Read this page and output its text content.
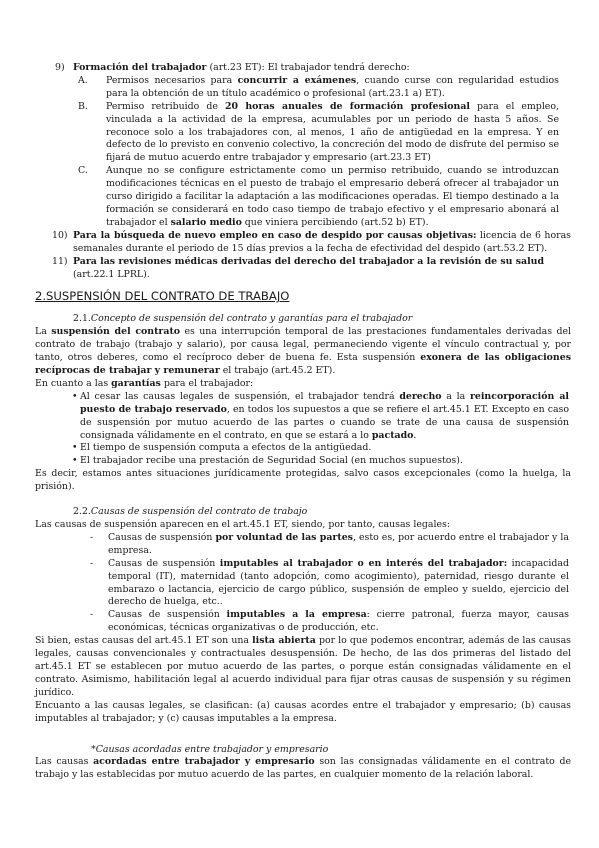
9) Formación del trabajador (art.23 ET): El trabajador tendrá derecho:
A. Permisos necesarios para concurrir a exámenes, cuando curse con regularidad estudios para la obtención de un título académico o profesional (art.23.1 a) ET).
B. Permiso retribuido de 20 horas anuales de formación profesional para el empleo, vinculada a la actividad de la empresa, acumulables por un periodo de hasta 5 años. Se reconoce solo a los trabajadores con, al menos, 1 año de antigüedad en la empresa. Y en defecto de lo previsto en convenio colectivo, la concreción del modo de disfrute del permiso se fijará de mutuo acuerdo entre trabajador y empresario (art.23.3 ET)
C. Aunque no se configure estrictamente como un permiso retribuido, cuando se introduzcan modificaciones técnicas en el puesto de trabajo el empresario deberá ofrecer al trabajador un curso dirigido a facilitar la adaptación a las modificaciones operadas. El tiempo destinado a la formación se considerará en todo caso tiempo de trabajo efectivo y el empresario abonará al trabajador el salario medio que viniera percibiendo (art.52 b) ET).
10) Para la búsqueda de nuevo empleo en caso de despido por causas objetivas: licencia de 6 horas semanales durante el periodo de 15 días previos a la fecha de efectividad del despido (art.53.2 ET).
11) Para las revisiones médicas derivadas del derecho del trabajador a la revisión de su salud (art.22.1 LPRL).
2.SUSPENSIÓN DEL CONTRATO DE TRABAJO
2.1.Concepto de suspensión del contrato y garantías para el trabajador

La suspensión del contrato es una interrupción temporal de las prestaciones fundamentales derivadas del contrato de trabajo (trabajo y salario), por causa legal, permaneciendo vigente el vínculo contractual y, por tanto, otros deberes, como el recíproco deber de buena fe. Esta suspensión exonera de las obligaciones recíprocas de trabajar y remunerar el trabajo (art.45.2 ET).

En cuanto a las garantías para el trabajador:

• Al cesar las causas legales de suspensión, el trabajador tendrá derecho a la reincorporación al puesto de trabajo reservado, en todos los supuestos a que se refiere el art.45.1 ET. Excepto en caso de suspensión por mutuo acuerdo de las partes o cuando se trate de una causa de suspensión consignada válidamente en el contrato, en que se estará a lo pactado.
• El tiempo de suspensión computa a efectos de la antigüedad.
• El trabajador recibe una prestación de Seguridad Social (en muchos supuestos).

Es decir, estamos antes situaciones jurídicamente protegidas, salvo casos excepcionales (como la huelga, la prisión).

2.2.Causas de suspensión del contrato de trabajo

Las causas de suspensión aparecen en el art.45.1 ET, siendo, por tanto, causas legales:

- Causas de suspensión por voluntad de las partes, esto es, por acuerdo entre el trabajador y la empresa.
- Causas de suspensión imputables al trabajador o en interés del trabajador: incapacidad temporal (IT), maternidad (tanto adopción, como acogimiento), paternidad, riesgo durante el embarazo o lactancia, ejercicio de cargo público, suspensión de empleo y sueldo, ejercicio del derecho de huelga, etc..
- Causas de suspensión imputables a la empresa: cierre patronal, fuerza mayor, causas económicas, técnicas organizativas o de producción, etc.

Si bien, estas causas del art.45.1 ET son una lista abierta por lo que podemos encontrar, además de las causas legales, causas convencionales y contractuales desuspensión. De hecho, de las dos primeras del listado del art.45.1 ET se establecen por mutuo acuerdo de las partes, o porque están consignadas válidamente en el contrato. Asimismo, habilitación legal al acuerdo individual para fijar otras causas de suspensión y su régimen jurídico.

Encuanto a las causas legales, se clasifican: (a) causas acordes entre el trabajador y empresario; (b) causas imputables al trabajador; y (c) causas imputables a la empresa.

*Causas acordadas entre trabajador y empresario

Las causas acordadas entre trabajador y empresario son las consignadas válidamente en el contrato de trabajo y las establecidas por mutuo acuerdo de las partes, en cualquier momento de la relación laboral.
